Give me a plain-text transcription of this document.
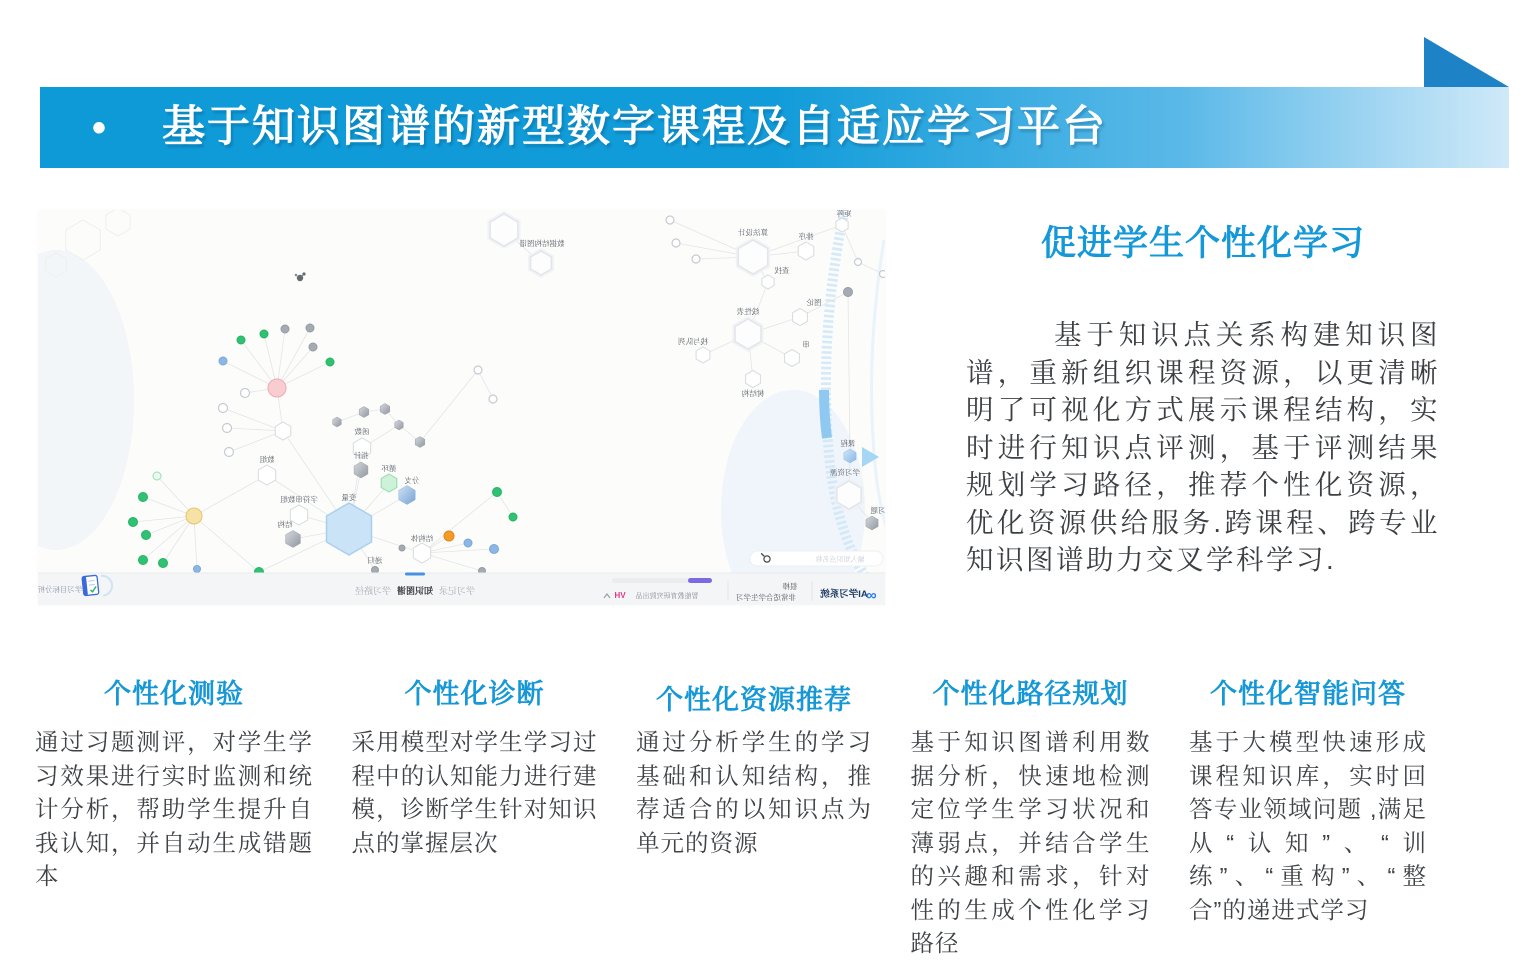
• 基于知识图谱的新型数字课程及自适应学习平台
函数
指针
数组
循环
分支
字符串数组
结构
变量
递归
结构体
数据结构图谱
算法设计	排序
查找
图论
线性表
栈与队列	串
树结构
矩阵
课程
学习资源
习题
学习目标分析	学习路径 知识图谱 学习记录	VH 智能教育研究院出品
很棒
非常适合学生学习	AI学习系统
∞
输入知识点名称
促进学生个性化学习

基于知识点关系构建知识图谱，重新组织课程资源，以更清晰明了可视化方式展示课程结构，实时进行知识点评测，基于评测结果规划学习路径，推荐个性化资源，优化资源供给服务.跨课程、跨专业知识图谱助力交叉学科学习.

个性化测验

通过习题测评，对学生学习效果进行实时监测和统计分析，帮助学生提升自我认知，并自动生成错题本

个性化诊断

采用模型对学生学习过程中的认知能力进行建模，诊断学生针对知识点的掌握层次

个性化资源推荐

通过分析学生的学习基础和认知结构，推荐适合的以知识点为单元的资源

个性化路径规划

基于知识图谱利用数据分析，快速地检测定位学生学习状况和薄弱点，并结合学生的兴趣和需求，针对性的生成个性化学习路径

个性化智能问答

基于大模型快速形成课程知识库，实时回答专业领域问题 ,满足从“认知”、“训练”、“重构”、“整合”的递进式学习
